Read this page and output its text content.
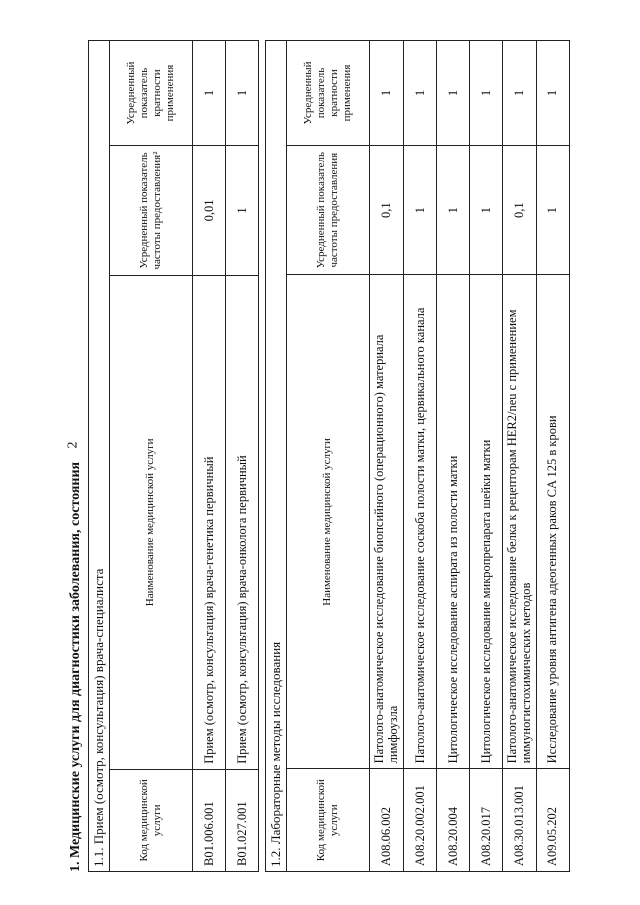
2
1. Медицинские услуги для диагностики заболевания, состояния 1.1. Прием (осмотр, консультация) врача-специалиста			
Код медицинской услуги	Наименование медицинской услуги	Усредненный показатель частоты предоставления²	Усредненный показатель кратности применения
B01.006.001	Прием (осмотр, консультация) врача-генетика первичный	0,01	1
B01.027.001	Прием (осмотр, консультация) врача-онколога первичный	1	1
1.2. Лабораторные методы исследования			
Код медицинской услуги	Наименование медицинской услуги	Усредненный показатель частоты предоставления	Усредненный показатель кратности применения
A08.06.002	Патолого-анатомическое исследование биопсийного (операционного) материала лимфоузла	0,1	1
A08.20.002.001	Патолого-анатомическое исследование соскоба полости матки, цервикального канала	1	1
A08.20.004	Цитологическое исследование аспирата из полости матки	1	1
A08.20.017	Цитологическое исследование микропрепарата шейки матки	1	1
A08.30.013.001	Патолого-анатомическое исследование белка к рецепторам HER2/neu с применением иммуногистохимических методов	0,1	1
A09.05.202	Исследование уровня антигена адеогенных раков CA 125 в крови	1	1
